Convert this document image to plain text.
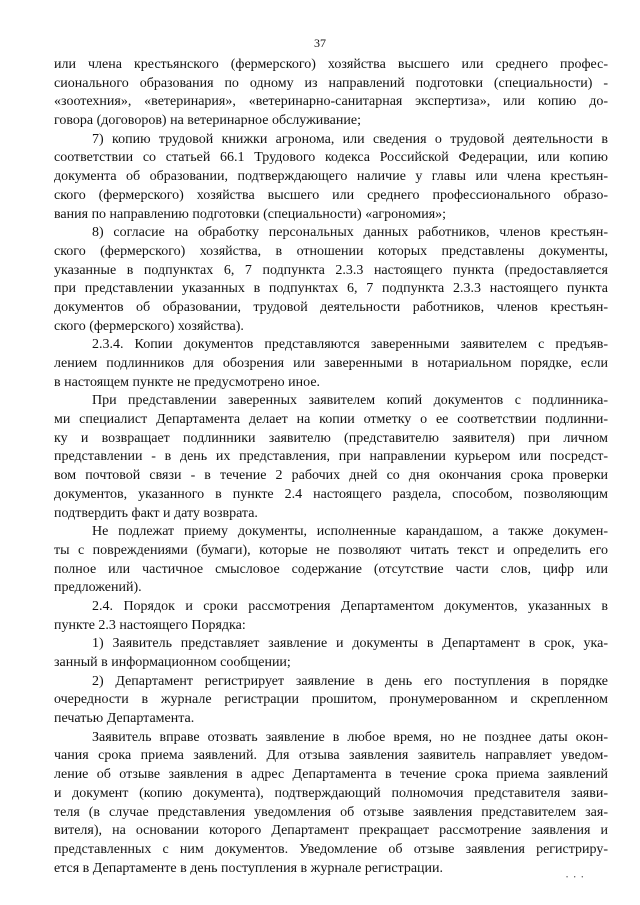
37
или члена крестьянского (фермерского) хозяйства высшего или среднего профес-
сионального образования по одному из направлений подготовки (специальности) -
«зоотехния», «ветеринария», «ветеринарно-санитарная экспертиза», или копию до-
говора (договоров) на ветеринарное обслуживание;
7) копию трудовой книжки агронома, или сведения о трудовой деятельности в
соответствии со статьей 66.1 Трудового кодекса Российской Федерации, или копию
документа об образовании, подтверждающего наличие у главы или члена крестьян-
ского (фермерского) хозяйства высшего или среднего профессионального образо-
вания по направлению подготовки (специальности) «агрономия»;
8) согласие на обработку персональных данных работников, членов крестьян-
ского (фермерского) хозяйства, в отношении которых представлены документы,
указанные в подпунктах 6, 7 подпункта 2.3.3 настоящего пункта (предоставляется
при представлении указанных в подпунктах 6, 7 подпункта 2.3.3 настоящего пункта
документов об образовании, трудовой деятельности работников, членов крестьян-
ского (фермерского) хозяйства).
2.3.4. Копии документов представляются заверенными заявителем с предъяв-
лением подлинников для обозрения или заверенными в нотариальном порядке, если
в настоящем пункте не предусмотрено иное.
При представлении заверенных заявителем копий документов с подлинника-
ми специалист Департамента делает на копии отметку о ее соответствии подлинни-
ку и возвращает подлинники заявителю (представителю заявителя) при личном
представлении - в день их представления, при направлении курьером или посредст-
вом почтовой связи - в течение 2 рабочих дней со дня окончания срока проверки
документов, указанного в пункте 2.4 настоящего раздела, способом, позволяющим
подтвердить факт и дату возврата.
Не подлежат приему документы, исполненные карандашом, а также докумен-
ты с повреждениями (бумаги), которые не позволяют читать текст и определить его
полное или частичное смысловое содержание (отсутствие части слов, цифр или
предложений).
2.4. Порядок и сроки рассмотрения Департаментом документов, указанных в
пункте 2.3 настоящего Порядка:
1) Заявитель представляет заявление и документы в Департамент в срок, ука-
занный в информационном сообщении;
2) Департамент регистрирует заявление в день его поступления в порядке
очередности в журнале регистрации прошитом, пронумерованном и скрепленном
печатью Департамента.
Заявитель вправе отозвать заявление в любое время, но не позднее даты окон-
чания срока приема заявлений. Для отзыва заявления заявитель направляет уведом-
ление об отзыве заявления в адрес Департамента в течение срока приема заявлений
и документ (копию документа), подтверждающий полномочия представителя заяви-
теля (в случае представления уведомления об отзыве заявления представителем зая-
вителя), на основании которого Департамент прекращает рассмотрение заявления и
представленных с ним документов. Уведомление об отзыве заявления регистриру-
ется в Департаменте в день поступления в журнале регистрации.
• • •
